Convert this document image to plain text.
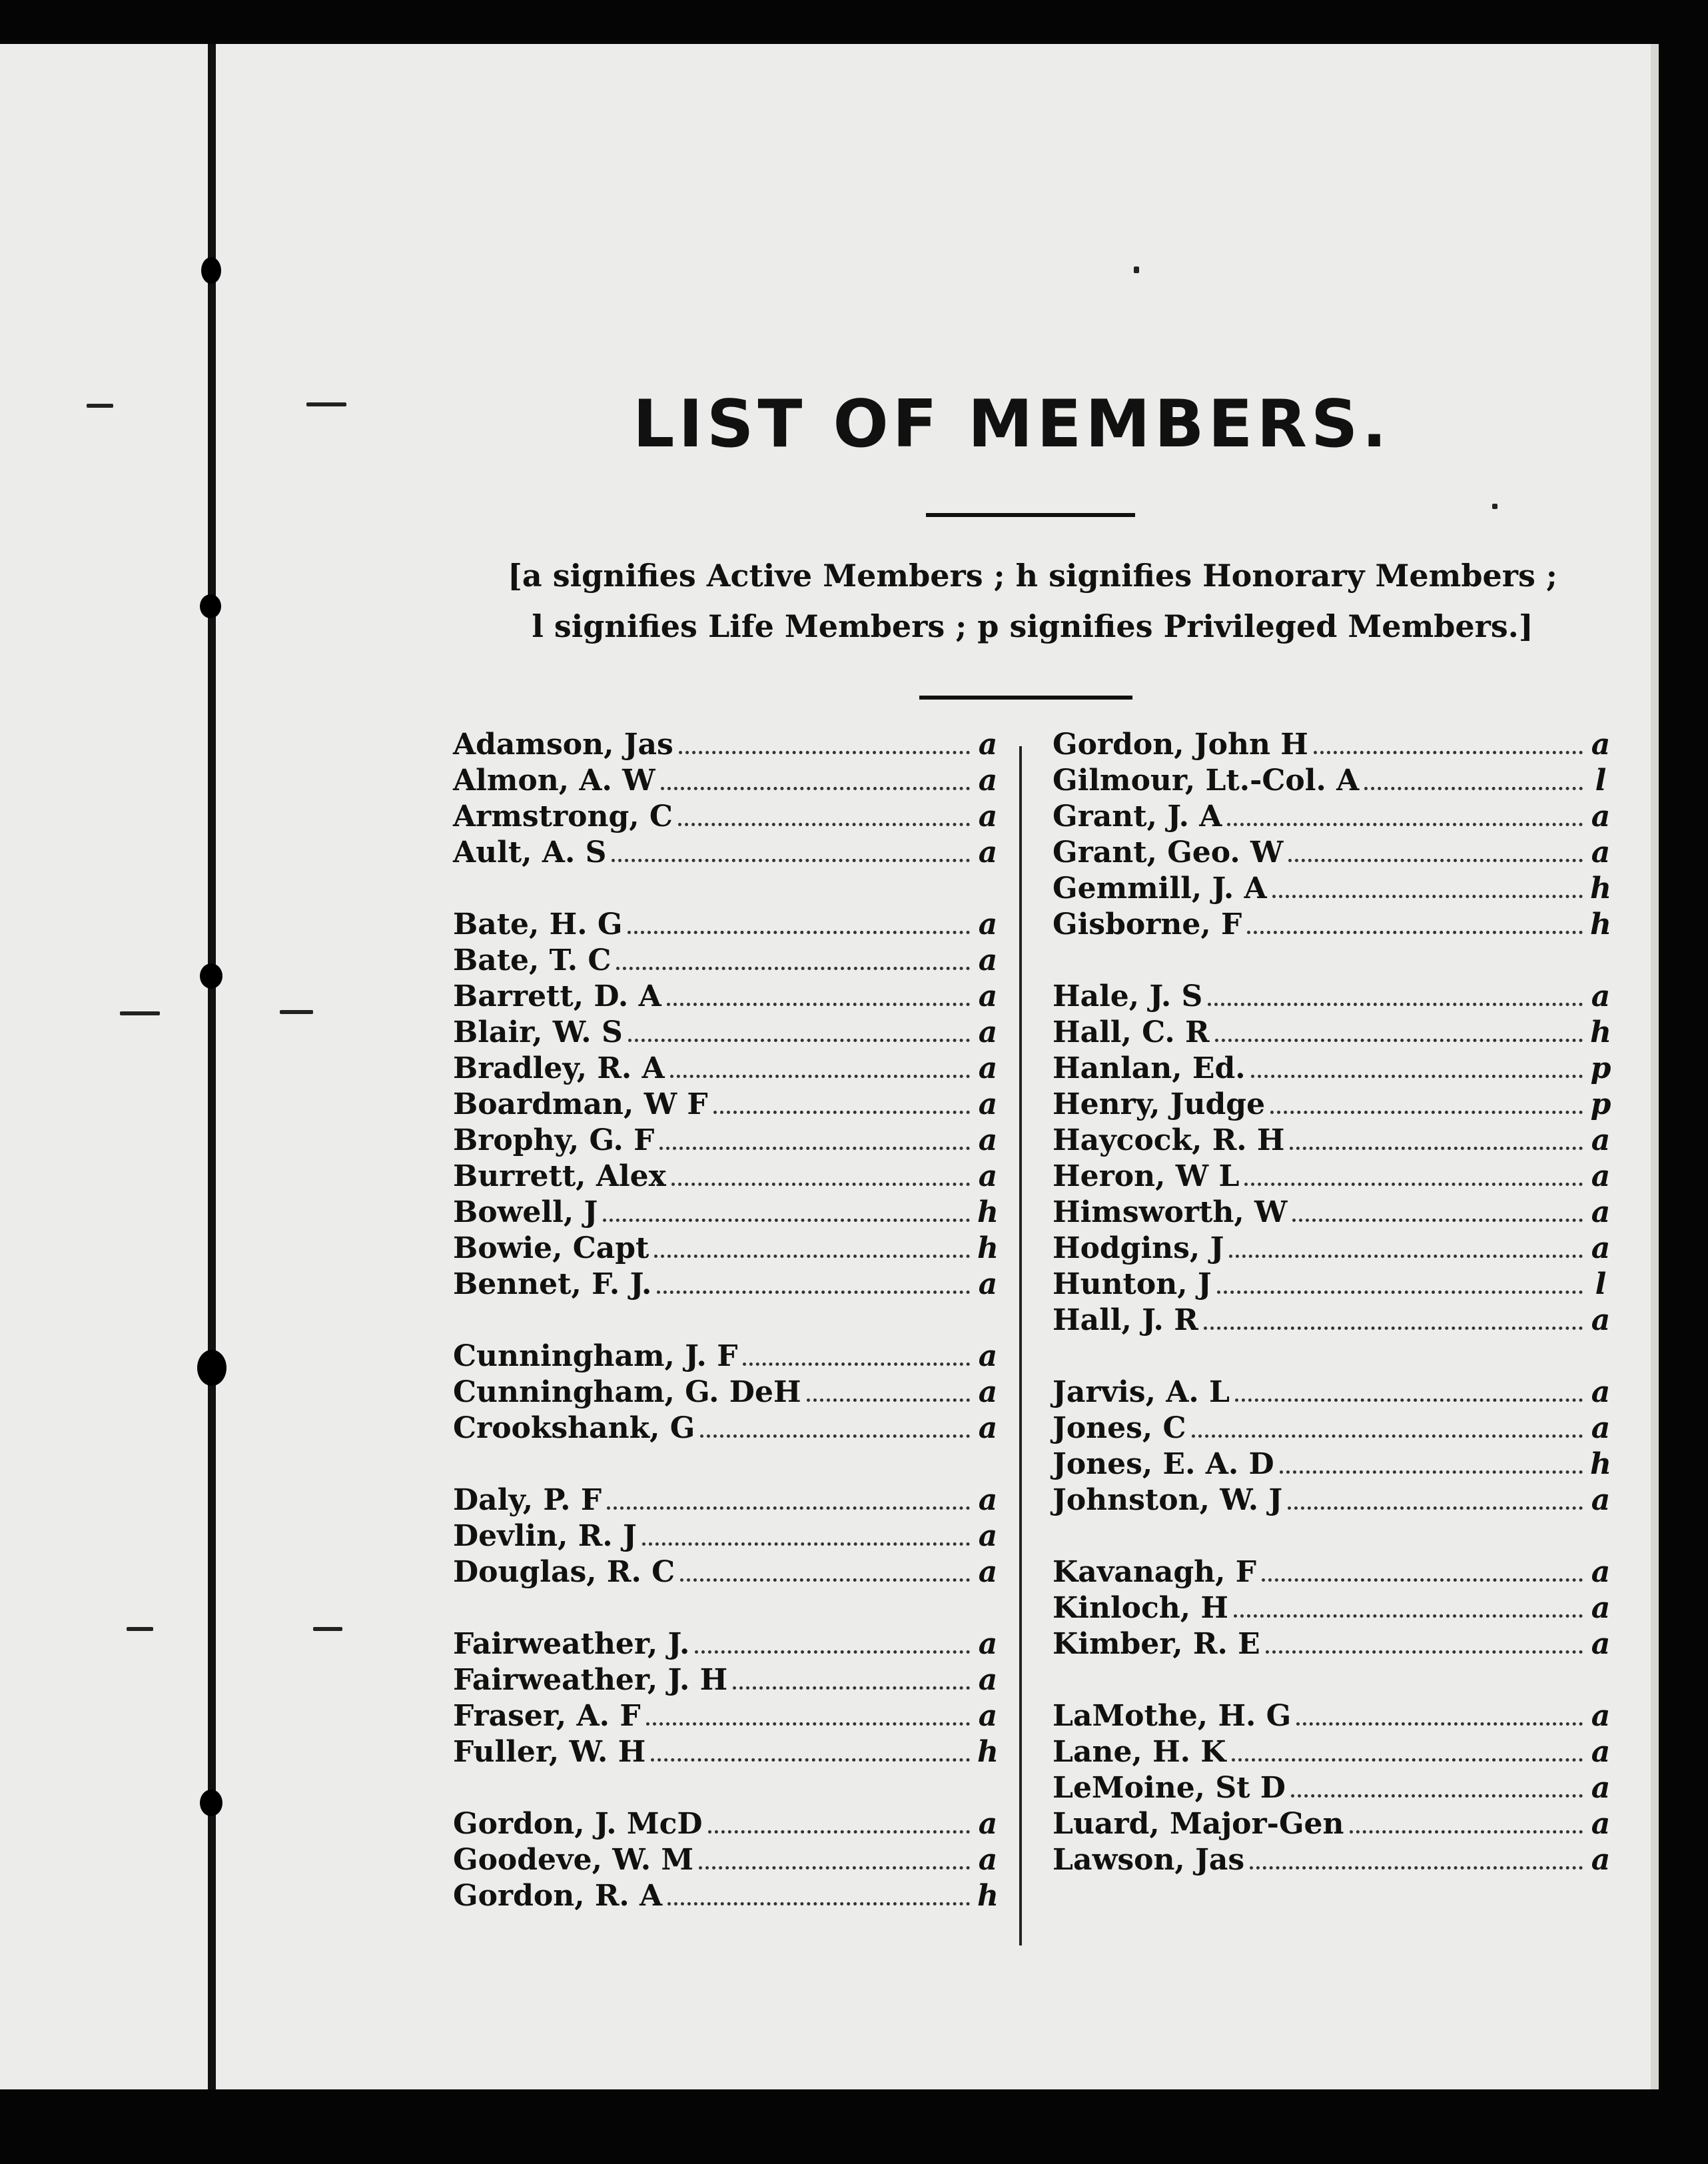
LIST OF MEMBERS.
[a signifies Active Members ; h signifies Honorary Members ;
l signifies Life Members ; p signifies Privileged Members.]
Adamson, Jas	a
Almon, A. W	a
Armstrong, C	a
Ault, A. S	a
Bate, H. G	a
Bate, T. C	a
Barrett, D. A	a
Blair, W. S	a
Bradley, R. A	a
Boardman, W F	a
Brophy, G. F	a
Burrett, Alex	a
Bowell, J	h
Bowie, Capt	h
Bennet, F. J.	a
Cunningham, J. F	a
Cunningham, G. DeH	a
Crookshank, G	a
Daly, P. F	a
Devlin, R. J	a
Douglas, R. C	a
Fairweather, J.	a
Fairweather, J. H	a
Fraser, A. F	a
Fuller, W. H	h
Gordon, J. McD	a
Goodeve, W. M	a
Gordon, R. A	h
Gordon, John H	a
Gilmour, Lt.-Col. A	l
Grant, J. A	a
Grant, Geo. W	a
Gemmill, J. A	h
Gisborne, F	h
Hale, J. S	a
Hall, C. R	h
Hanlan, Ed.	p
Henry, Judge	p
Haycock, R. H	a
Heron, W L	a
Himsworth, W	a
Hodgins, J	a
Hunton, J	l
Hall, J. R	a
Jarvis, A. L	a
Jones, C	a
Jones, E. A. D	h
Johnston, W. J	a
Kavanagh, F	a
Kinloch, H	a
Kimber, R. E	a
LaMothe, H. G	a
Lane, H. K	a
LeMoine, St D	a
Luard, Major-Gen	a
Lawson, Jas	a
